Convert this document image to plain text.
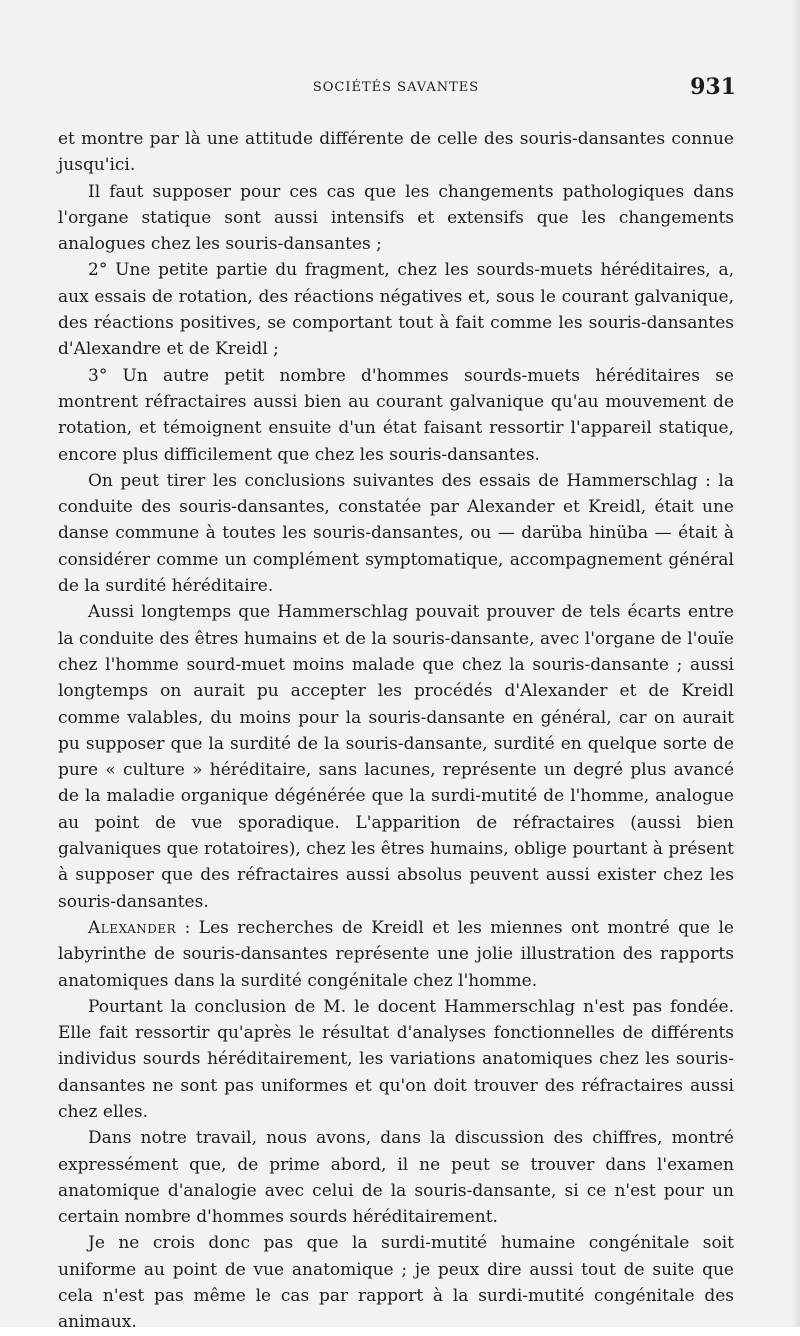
SOCIÉTÉS SAVANTES	931

et montre par là une attitude différente de celle des souris-dansantes connue jusqu'ici.

Il faut supposer pour ces cas que les changements pathologiques dans l'organe statique sont aussi intensifs et extensifs que les changements analogues chez les souris-dansantes ;

2° Une petite partie du fragment, chez les sourds-muets héréditaires, a, aux essais de rotation, des réactions négatives et, sous le courant galvanique, des réactions positives, se comportant tout à fait comme les souris-dansantes d'Alexandre et de Kreidl ;

3° Un autre petit nombre d'hommes sourds-muets héréditaires se montrent réfractaires aussi bien au courant galvanique qu'au mouvement de rotation, et témoignent ensuite d'un état faisant ressortir l'appareil statique, encore plus difficilement que chez les souris-dansantes.

On peut tirer les conclusions suivantes des essais de Hammerschlag : la conduite des souris-dansantes, constatée par Alexander et Kreidl, était une danse commune à toutes les souris-dansantes, ou — darüba hinüba — était à considérer comme un complément symptomatique, accompagnement général de la surdité héréditaire.

Aussi longtemps que Hammerschlag pouvait prouver de tels écarts entre la conduite des êtres humains et de la souris-dansante, avec l'organe de l'ouïe chez l'homme sourd-muet moins malade que chez la souris-dansante ; aussi longtemps on aurait pu accepter les procédés d'Alexander et de Kreidl comme valables, du moins pour la souris-dansante en général, car on aurait pu supposer que la surdité de la souris-dansante, surdité en quelque sorte de pure « culture » héréditaire, sans lacunes, représente un degré plus avancé de la maladie organique dégénérée que la surdi-mutité de l'homme, analogue au point de vue sporadique. L'apparition de réfractaires (aussi bien galvaniques que rotatoires), chez les êtres humains, oblige pourtant à présent à supposer que des réfractaires aussi absolus peuvent aussi exister chez les souris-dansantes.

Alexander : Les recherches de Kreidl et les miennes ont montré que le labyrinthe de souris-dansantes représente une jolie illustration des rapports anatomiques dans la surdité congénitale chez l'homme.

Pourtant la conclusion de M. le docent Hammerschlag n'est pas fondée. Elle fait ressortir qu'après le résultat d'analyses fonctionnelles de différents individus sourds héréditairement, les variations anatomiques chez les souris-dansantes ne sont pas uniformes et qu'on doit trouver des réfractaires aussi chez elles.

Dans notre travail, nous avons, dans la discussion des chiffres, montré expressément que, de prime abord, il ne peut se trouver dans l'examen anatomique d'analogie avec celui de la souris-dansante, si ce n'est pour un certain nombre d'hommes sourds héréditairement.

Je ne crois donc pas que la surdi-mutité humaine congénitale soit uniforme au point de vue anatomique ; je peux dire aussi tout de suite que cela n'est pas même le cas par rapport à la surdi-mutité congénitale des animaux.
